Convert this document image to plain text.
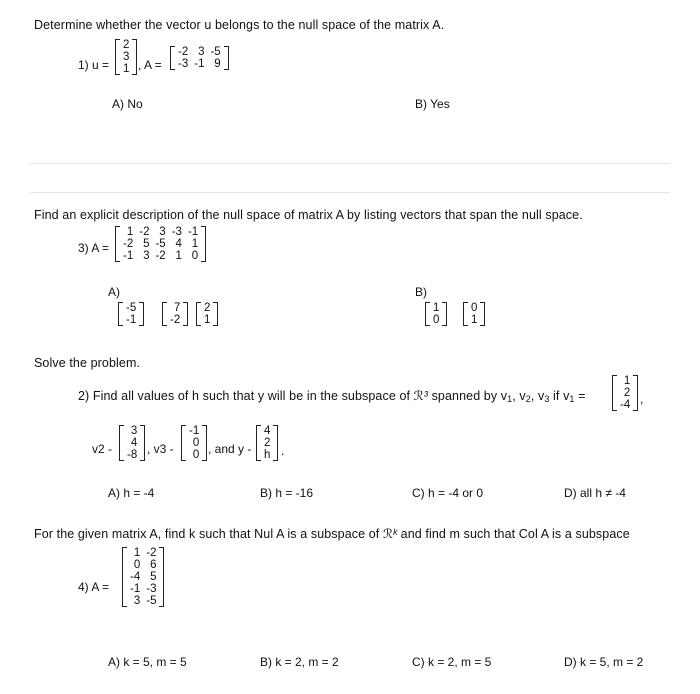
Determine whether the vector u belongs to the null space of the matrix A.
1) u =
2
3
1 , A =
-2	3	-5
-3	-1	9
A) No	B) Yes
Find an explicit description of the null space of matrix A by listing vectors that span the null space.
3) A =
1	-2	3	-3	-1
-2	5	-5	4	1
-1	3	-2	1	0
A)
-5
-1
7
-2
2
1
B)
1
0
0
1
Solve the problem.
2) Find all values of h such that y will be in the subspace of ℛ³ spanned by $v_1$, $v_2$, $v_3$ if $v_1$ =
1
2
-4 ,
v2 -
3
4
-8 , v3 -
-1
0
0 , and y -
4
2
h .
A) h = -4	B) h = -16	C) h = -4 or 0	D) all h ≠ -4
For the given matrix A, find k such that Nul A is a subspace of ℛᵏ and find m such that Col A is a subspace
4) A =
1	-2
0	6
-4	5
-1	-3
3	-5
A) k = 5, m = 5	B) k = 2, m = 2	C) k = 2, m = 5	D) k = 5, m = 2
